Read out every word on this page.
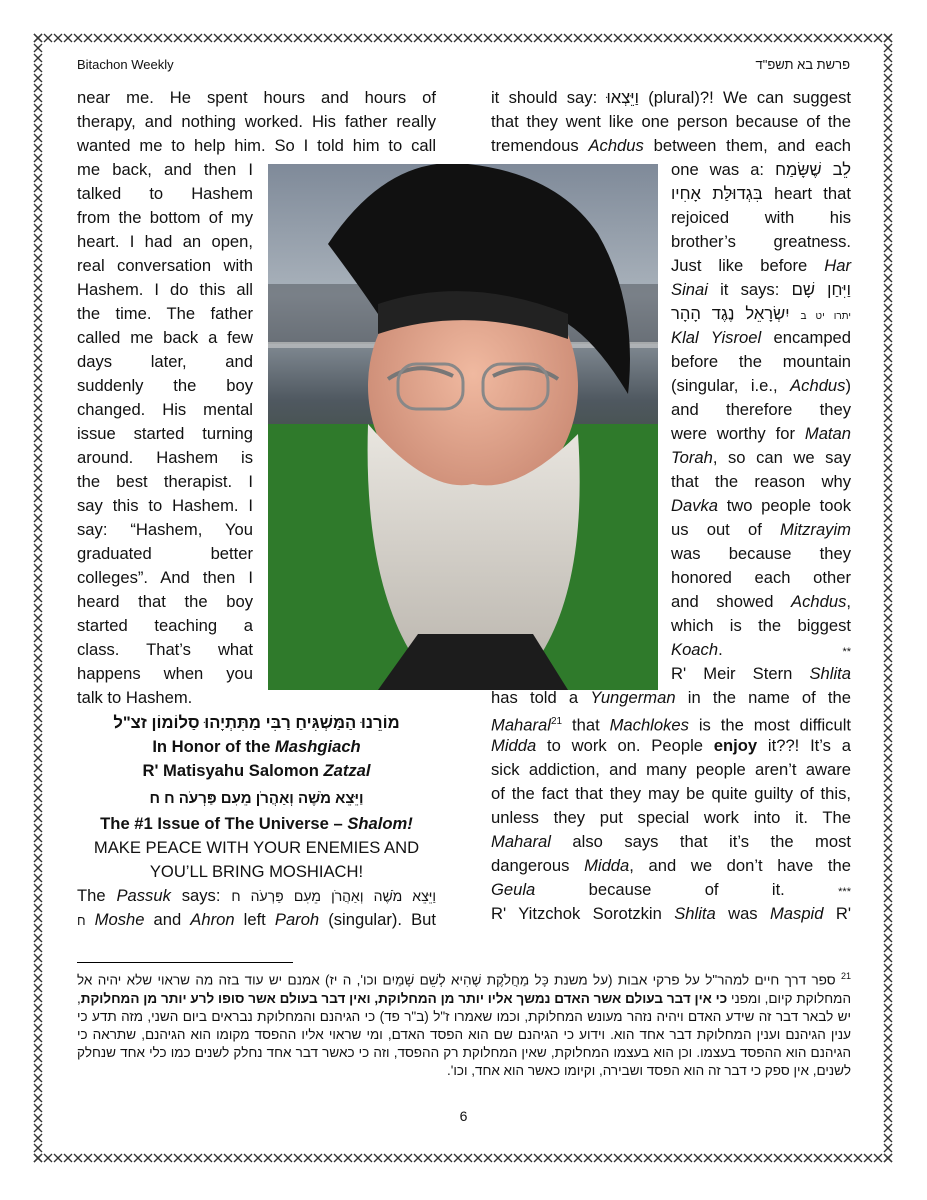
Bitachon Weekly	פרשת בא תשפ"ד
near me. He spent hours and hours of
therapy, and nothing worked. His father really
wanted me to help him. So I told him to call
me back, and then I
talked to Hashem
from the bottom of my
heart. I had an open,
real conversation with
Hashem. I do this all
the time. The father
called me back a few
days later, and
suddenly the boy
changed. His mental
issue started turning
around. Hashem is
the best therapist. I
say this to Hashem. I
say: “Hashem, You
graduated better
colleges”. And then I
heard that the boy
started teaching a
class. That’s what
happens when you
talk to Hashem.
מוֹרֵנוּ הַמַּשְׁגִּיחַ רַבִּי מַתִּתְיָהוּ סַלוֹמוֹן זצ"ל
In Honor of the Mashgiach
R' Matisyahu Salomon Zatzal
וַיֵּצֵא מֹשֶׁה וְאַהֲרֹן מֵעִם פַּרְעֹה ח ח
The #1 Issue of The Universe – Shalom!
MAKE PEACE WITH YOUR ENEMIES AND
YOU’LL BRING MOSHIACH!
The Passuk says: וַיֵּצֵא מֹשֶׁה וְאַהֲרֹן מֵעִם פַּרְעֹה ח
ח Moshe and Ahron left Paroh (singular). But
it should say: וַיֵּצְאוּ (plural)?! We can suggest
that they went like one person because of the
tremendous Achdus between them, and each
one was a: לֵב שֶׁשָּׂמַח
בִּגְדוּלַּת אָחִיו heart that
rejoiced with his
brother’s greatness.
Just like before Har
Sinai it says: וַיִּחַן שָׁם
יִשְׂרָאֵל נֶגֶד הָהָר יתרו יט ב
Klal Yisroel encamped
before the mountain
(singular, i.e., Achdus)
and therefore they
were worthy for Matan
Torah, so can we say
that the reason why
Davka two people took
us out of Mitzrayim
was because they
honored each other
and showed Achdus,
which is the biggest
Koach.	**
R' Meir Stern Shlita
has told a Yungerman in the name of the
Maharal$^{21}$ that Machlokes is the most difficult
Midda to work on. People enjoy it??! It’s a
sick addiction, and many people aren’t aware
of the fact that they may be quite guilty of this,
unless they put special work into it. The
Maharal also says that it’s the most
dangerous Midda, and we don’t have the
Geula because of it.	***
R' Yitzchok Sorotzkin Shlita was Maspid R'
$^{21}$ ספר דרך חיים למהר"ל על פרקי אבות (על משנת כָּל מַחֲלֹקֶת שֶׁהִיא לְשֵׁם שָׁמַיִם וכו', ה יז) אמנם יש עוד בזה מה שראוי שלא יהיה אל המחלוקת קיום, ומפני כי אין דבר בעולם אשר האדם נמשך אליו יותר מן המחלוקת, ואין דבר בעולם אשר סופו לרע יותר מן המחלוקת, יש לבאר דבר זה שידע האדם ויהיה נזהר מעונש המחלוקת, וכמו שאמרו ז"ל (ב"ר פד) כי הגיהנם והמחלוקת נבראים ביום השני, מזה תדע כי ענין הגיהנם וענין המחלוקת דבר אחד הוא. וידוע כי הגיהנם שם הוא הפסד האדם, ומי שראוי אליו ההפסד מקומו הוא הגיהנם, שתראה כי הגיהנם הוא ההפסד בעצמו. וכן הוא בעצמו המחלוקת, שאין המחלוקת רק ההפסד, וזה כי כאשר דבר אחד נחלק לשנים כמו כלי אחד שנחלק לשנים, אין ספק כי דבר זה הוא הפסד ושבירה, וקיומו כאשר הוא אחד, וכו'.
6
